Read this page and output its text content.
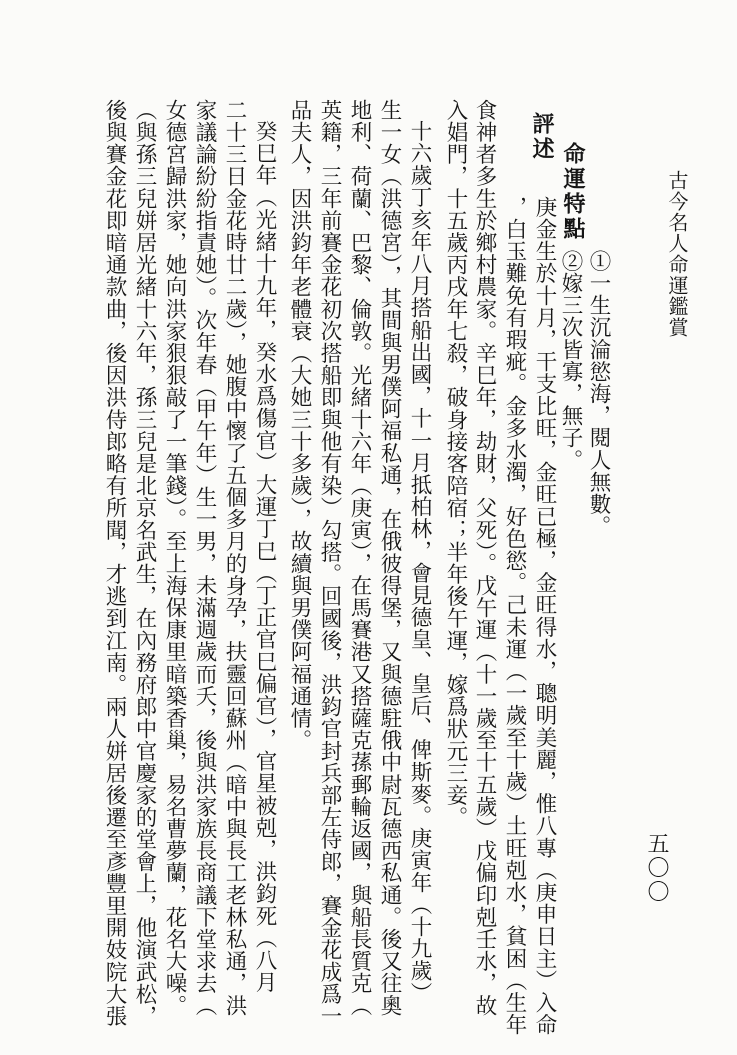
古今名人命運鑑賞
五〇〇
命運特點
評述
①一生沉淪慾海，閱人無數。
②嫁三次皆寡，無子。
庚金生於十月，干支比旺，金旺已極，金旺得水，聰明美麗，惟八專（庚申日主）入命
，白玉難免有瑕疵。金多水濁，好色慾。己未運（一歲至十歲）土旺剋水，貧困（生年
食神者多生於鄉村農家。辛巳年，劫財，父死）。戊午運（十一歲至十五歲）戊偏印剋壬水，故
入娼門，十五歲丙戌年七殺，破身接客陪宿；半年後午運，嫁爲狀元三妾。
十六歲丁亥年八月搭船出國，十一月抵柏林，會見德皇、皇后、俾斯麥。庚寅年（十九歲）
生一女（洪德宮），其間與男僕阿福私通，在俄彼得堡，又與德駐俄中尉瓦德西私通。後又往奧
地利、荷蘭、巴黎、倫敦。光緒十六年（庚寅），在馬賽港又搭薩克蓀郵輪返國，與船長質克（
英籍，三年前賽金花初次搭船即與他有染）勾搭。回國後，洪鈞官封兵部左侍郎，賽金花成爲一
品夫人，因洪鈞年老體衰（大她三十多歲），故續與男僕阿福通情。
癸巳年（光緒十九年，癸水爲傷官）大運丁巳（丁正官巳偏官），官星被剋，洪鈞死（八月
二十三日金花時廿二歲），她腹中懷了五個多月的身孕，扶靈回蘇州（暗中與長工老林私通，洪
家議論紛紛指責她）。次年春（甲午年）生一男，未滿週歲而夭，後與洪家族長商議下堂求去（
女德宮歸洪家，她向洪家狠狠敲了一筆錢）。至上海保康里暗築香巢，易名曹夢蘭，花名大噪。
（與孫三兒姘居光緒十六年，孫三兒是北京名武生，在內務府郎中官慶家的堂會上，他演武松，
後與賽金花即暗通款曲，後因洪侍郎略有所聞，才逃到江南。兩人姘居後遷至彥豐里開妓院大張
